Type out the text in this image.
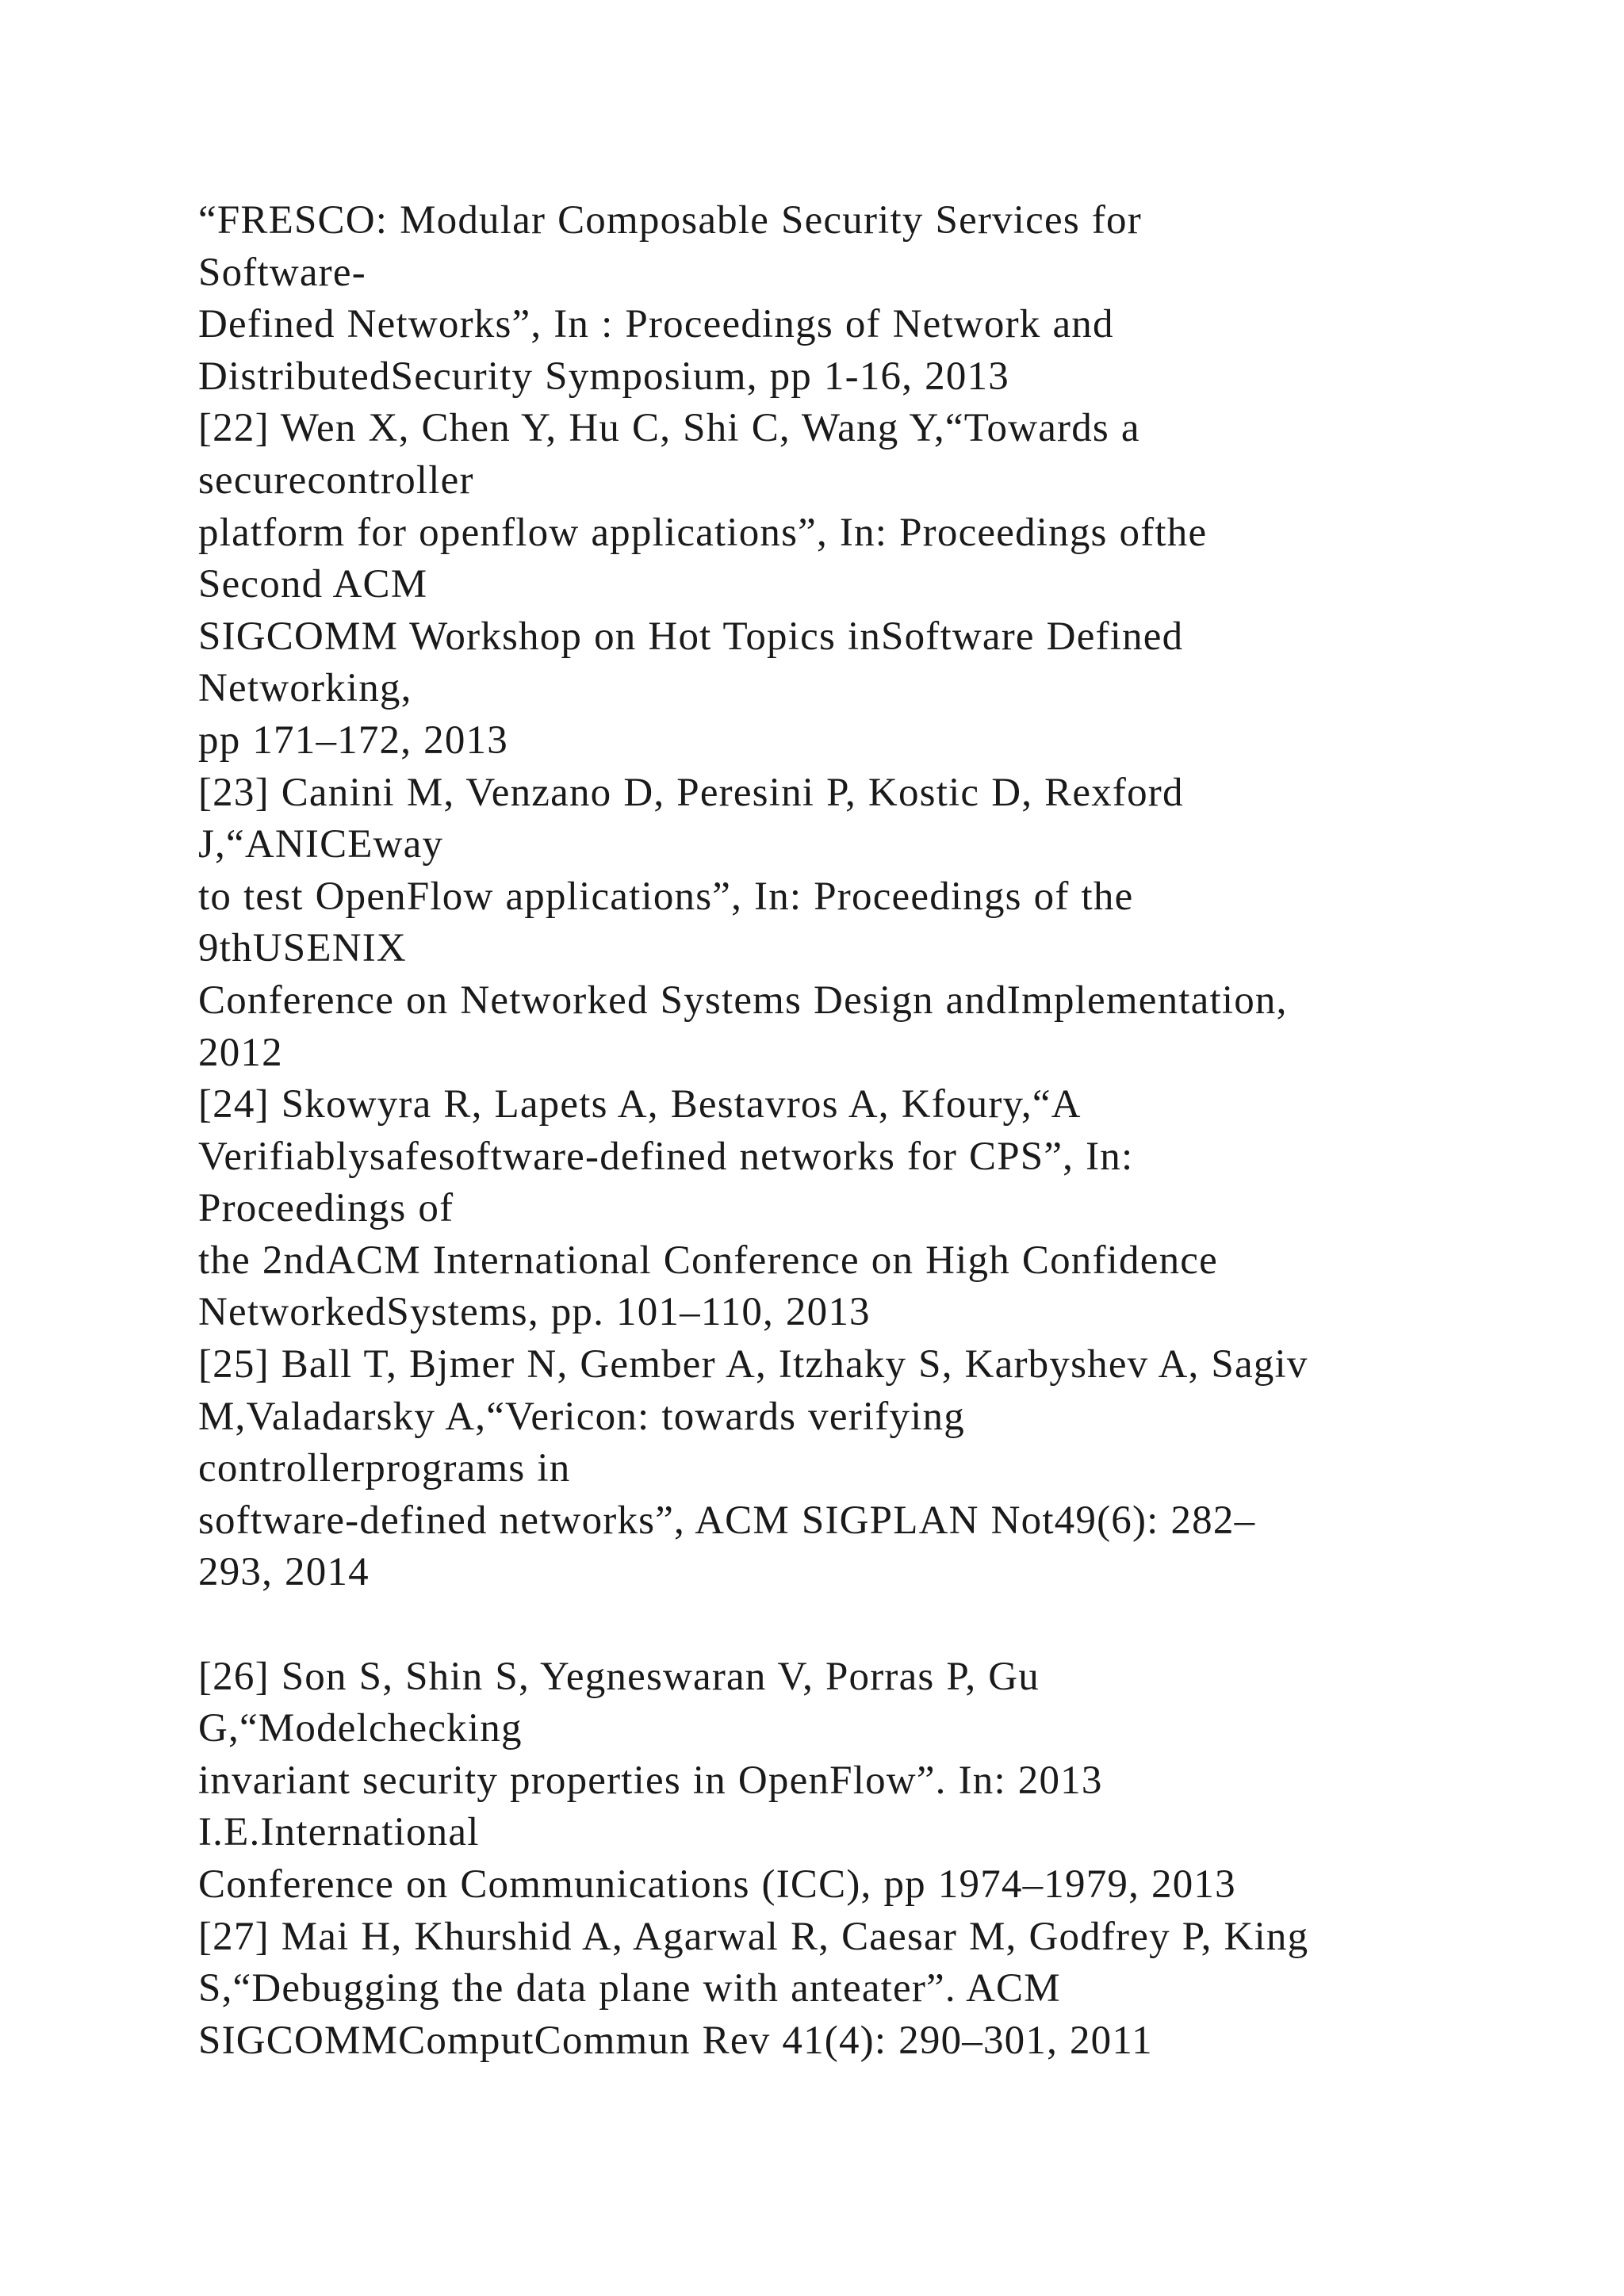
“FRESCO: Modular Composable Security Services for
Software-
Defined Networks”, In : Proceedings of Network and
DistributedSecurity Symposium, pp 1-16, 2013
[22] Wen X, Chen Y, Hu C, Shi C, Wang Y,“Towards a
securecontroller
platform for openflow applications”, In: Proceedings ofthe
Second ACM
SIGCOMM Workshop on Hot Topics inSoftware Defined
Networking,
pp 171–172, 2013
[23] Canini M, Venzano D, Peresini P, Kostic D, Rexford
J,“ANICEway
to test OpenFlow applications”, In: Proceedings of the
9thUSENIX
Conference on Networked Systems Design andImplementation,
2012
[24] Skowyra R, Lapets A, Bestavros A, Kfoury,“A
Verifiablysafesoftware-defined networks for CPS”, In:
Proceedings of
the 2ndACM International Conference on High Confidence
NetworkedSystems, pp. 101–110, 2013
[25] Ball T, Bjmer N, Gember A, Itzhaky S, Karbyshev A, Sagiv
M,Valadarsky A,“Vericon: towards verifying
controllerprograms in
software-defined networks”, ACM SIGPLAN Not49(6): 282–
293, 2014
[26] Son S, Shin S, Yegneswaran V, Porras P, Gu
G,“Modelchecking
invariant security properties in OpenFlow”. In: 2013
I.E.International
Conference on Communications (ICC), pp 1974–1979, 2013
[27] Mai H, Khurshid A, Agarwal R, Caesar M, Godfrey P, King
S,“Debugging the data plane with anteater”. ACM
SIGCOMMComputCommun Rev 41(4): 290–301, 2011
